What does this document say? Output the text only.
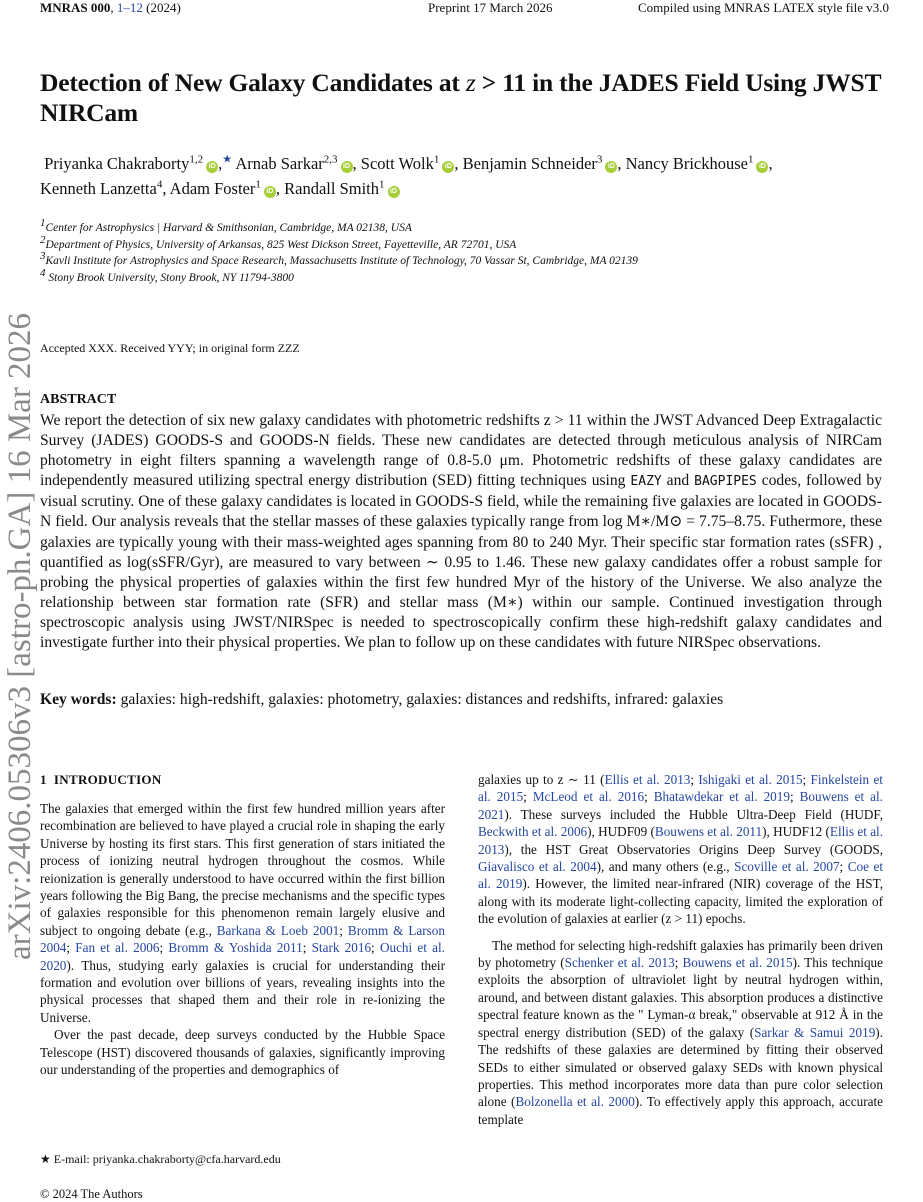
MNRAS 000, 1–12 (2024)	Preprint 17 March 2026	Compiled using MNRAS LATEX style file v3.0
Detection of New Galaxy Candidates at z > 11 in the JADES Field Using JWST NIRCam
Priyanka Chakraborty$^{1,2}$iD ,★ Arnab Sarkar$^{2,3}$iD , Scott Wolk$^1$iD , Benjamin Schneider$^3$iD , Nancy Brickhouse$^1$iD ,
Kenneth Lanzetta$^4$, Adam Foster$^1$iD , Randall Smith$^1$iD
$^1$Center for Astrophysics | Harvard & Smithsonian, Cambridge, MA 02138, USA
$^2$Department of Physics, University of Arkansas, 825 West Dickson Street, Fayetteville, AR 72701, USA
$^3$Kavli Institute for Astrophysics and Space Research, Massachusetts Institute of Technology, 70 Vassar St, Cambridge, MA 02139
$^4$ Stony Brook University, Stony Brook, NY 11794-3800
Accepted XXX. Received YYY; in original form ZZZ
ABSTRACT
We report the detection of six new galaxy candidates with photometric redshifts z > 11 within the JWST Advanced Deep Extragalactic Survey (JADES) GOODS-S and GOODS-N fields. These new candidates are detected through meticulous analysis of NIRCam photometry in eight filters spanning a wavelength range of 0.8-5.0 μm. Photometric redshifts of these galaxy candidates are independently measured utilizing spectral energy distribution (SED) fitting techniques using EAZY and BAGPIPES codes, followed by visual scrutiny. One of these galaxy candidates is located in GOODS-S field, while the remaining five galaxies are located in GOODS-N field. Our analysis reveals that the stellar masses of these galaxies typically range from log M∗/M⊙ = 7.75–8.75. Futhermore, these galaxies are typically young with their mass-weighted ages spanning from 80 to 240 Myr. Their specific star formation rates (sSFR) , quantified as log(sSFR/Gyr), are measured to vary between ∼ 0.95 to 1.46. These new galaxy candidates offer a robust sample for probing the physical properties of galaxies within the first few hundred Myr of the history of the Universe. We also analyze the relationship between star formation rate (SFR) and stellar mass (M∗) within our sample. Continued investigation through spectroscopic analysis using JWST/NIRSpec is needed to spectroscopically confirm these high-redshift galaxy candidates and investigate further into their physical properties. We plan to follow up on these candidates with future NIRSpec observations.
Key words: galaxies: high-redshift, galaxies: photometry, galaxies: distances and redshifts, infrared: galaxies
arXiv:2406.05306v3 [astro-ph.GA] 16 Mar 2026 1 INTRODUCTION

The galaxies that emerged within the first few hundred million years after recombination are believed to have played a crucial role in shaping the early Universe by hosting its first stars. This first generation of stars initiated the process of ionizing neutral hydrogen throughout the cosmos. While reionization is generally understood to have occurred within the first billion years following the Big Bang, the precise mechanisms and the specific types of galaxies responsible for this phenomenon remain largely elusive and subject to ongoing debate (e.g., Barkana & Loeb 2001; Bromm & Larson 2004; Fan et al. 2006; Bromm & Yoshida 2011; Stark 2016; Ouchi et al. 2020). Thus, studying early galaxies is crucial for understanding their formation and evolution over billions of years, revealing insights into the physical processes that shaped them and their role in re-ionizing the Universe.

Over the past decade, deep surveys conducted by the Hubble Space Telescope (HST) discovered thousands of galaxies, significantly improving our understanding of the properties and demographics of

galaxies up to z ∼ 11 (Ellis et al. 2013; Ishigaki et al. 2015; Finkelstein et al. 2015; McLeod et al. 2016; Bhatawdekar et al. 2019; Bouwens et al. 2021). These surveys included the Hubble Ultra-Deep Field (HUDF, Beckwith et al. 2006), HUDF09 (Bouwens et al. 2011), HUDF12 (Ellis et al. 2013), the HST Great Observatories Origins Deep Survey (GOODS, Giavalisco et al. 2004), and many others (e.g., Scoville et al. 2007; Coe et al. 2019). However, the limited near-infrared (NIR) coverage of the HST, along with its moderate light-collecting capacity, limited the exploration of the evolution of galaxies at earlier (z > 11) epochs.

The method for selecting high-redshift galaxies has primarily been driven by photometry (Schenker et al. 2013; Bouwens et al. 2015). This technique exploits the absorption of ultraviolet light by neutral hydrogen within, around, and between distant galaxies. This absorption produces a distinctive spectral feature known as the " Lyman-α break," observable at 912 Å in the spectral energy distribution (SED) of the galaxy (Sarkar & Samui 2019). The redshifts of these galaxies are determined by fitting their observed SEDs to either simulated or observed galaxy SEDs with known physical properties. This method incorporates more data than pure color selection alone (Bolzonella et al. 2000). To effectively apply this approach, accurate template

★ E-mail: priyanka.chakraborty@cfa.harvard.edu
© 2024 The Authors
